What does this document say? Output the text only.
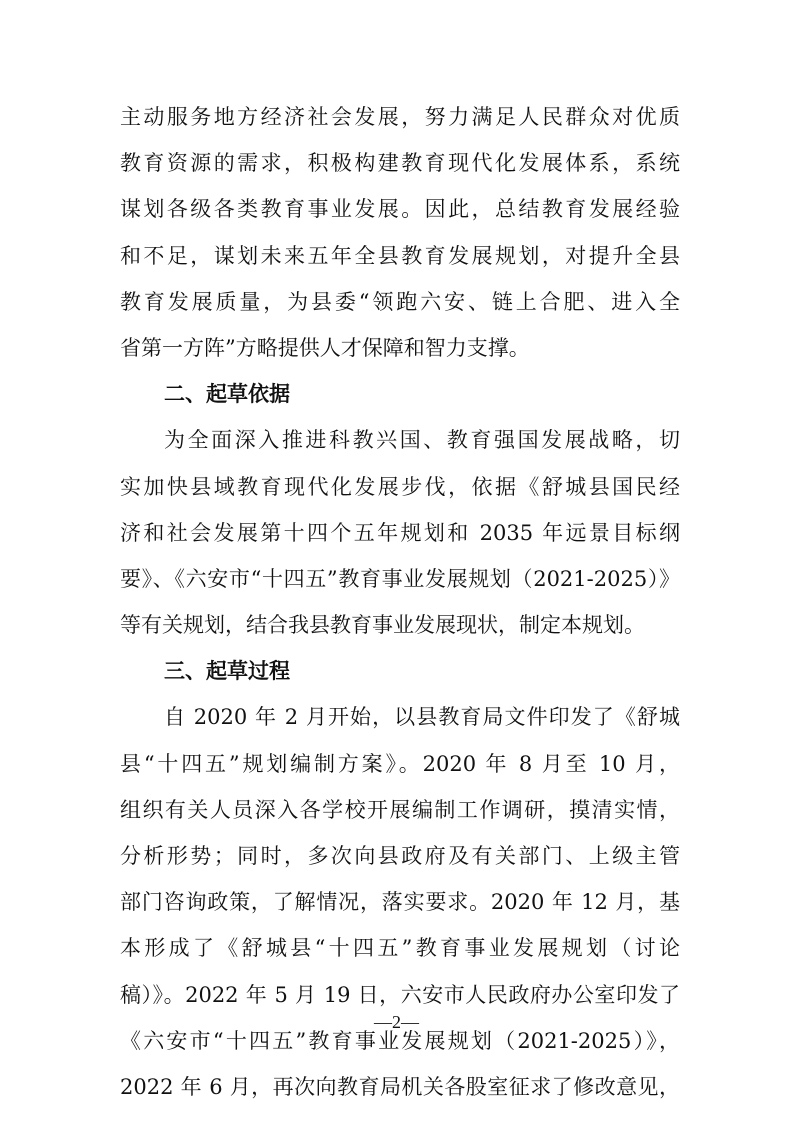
主动服务地方经济社会发展，努力满足人民群众对优质
教育资源的需求，积极构建教育现代化发展体系，系统
谋划各级各类教育事业发展。因此，总结教育发展经验
和不足，谋划未来五年全县教育发展规划，对提升全县
教育发展质量，为县委“领跑六安、链上合肥、进入全
省第一方阵”方略提供人才保障和智力支撑。
二、起草依据
为全面深入推进科教兴国、教育强国发展战略，切
实加快县域教育现代化发展步伐，依据《舒城县国民经
济和社会发展第十四个五年规划和 2035 年远景目标纲
要》、《六安市“十四五”教育事业发展规划（2021-2025）》
等有关规划，结合我县教育事业发展现状，制定本规划。
三、起草过程
自 2020 年 2 月开始，以县教育局文件印发了《舒城
县“十四五”规划编制方案》。2020 年 8 月至 10 月，
组织有关人员深入各学校开展编制工作调研，摸清实情，
分析形势；同时，多次向县政府及有关部门、上级主管
部门咨询政策，了解情况，落实要求。2020 年 12 月，基
本形成了《舒城县“十四五”教育事业发展规划（讨论
稿）》。2022 年 5 月 19 日，六安市人民政府办公室印发了
《六安市“十四五”教育事业发展规划（2021-2025）》，
2022 年 6 月，再次向教育局机关各股室征求了修改意见，
—2—
